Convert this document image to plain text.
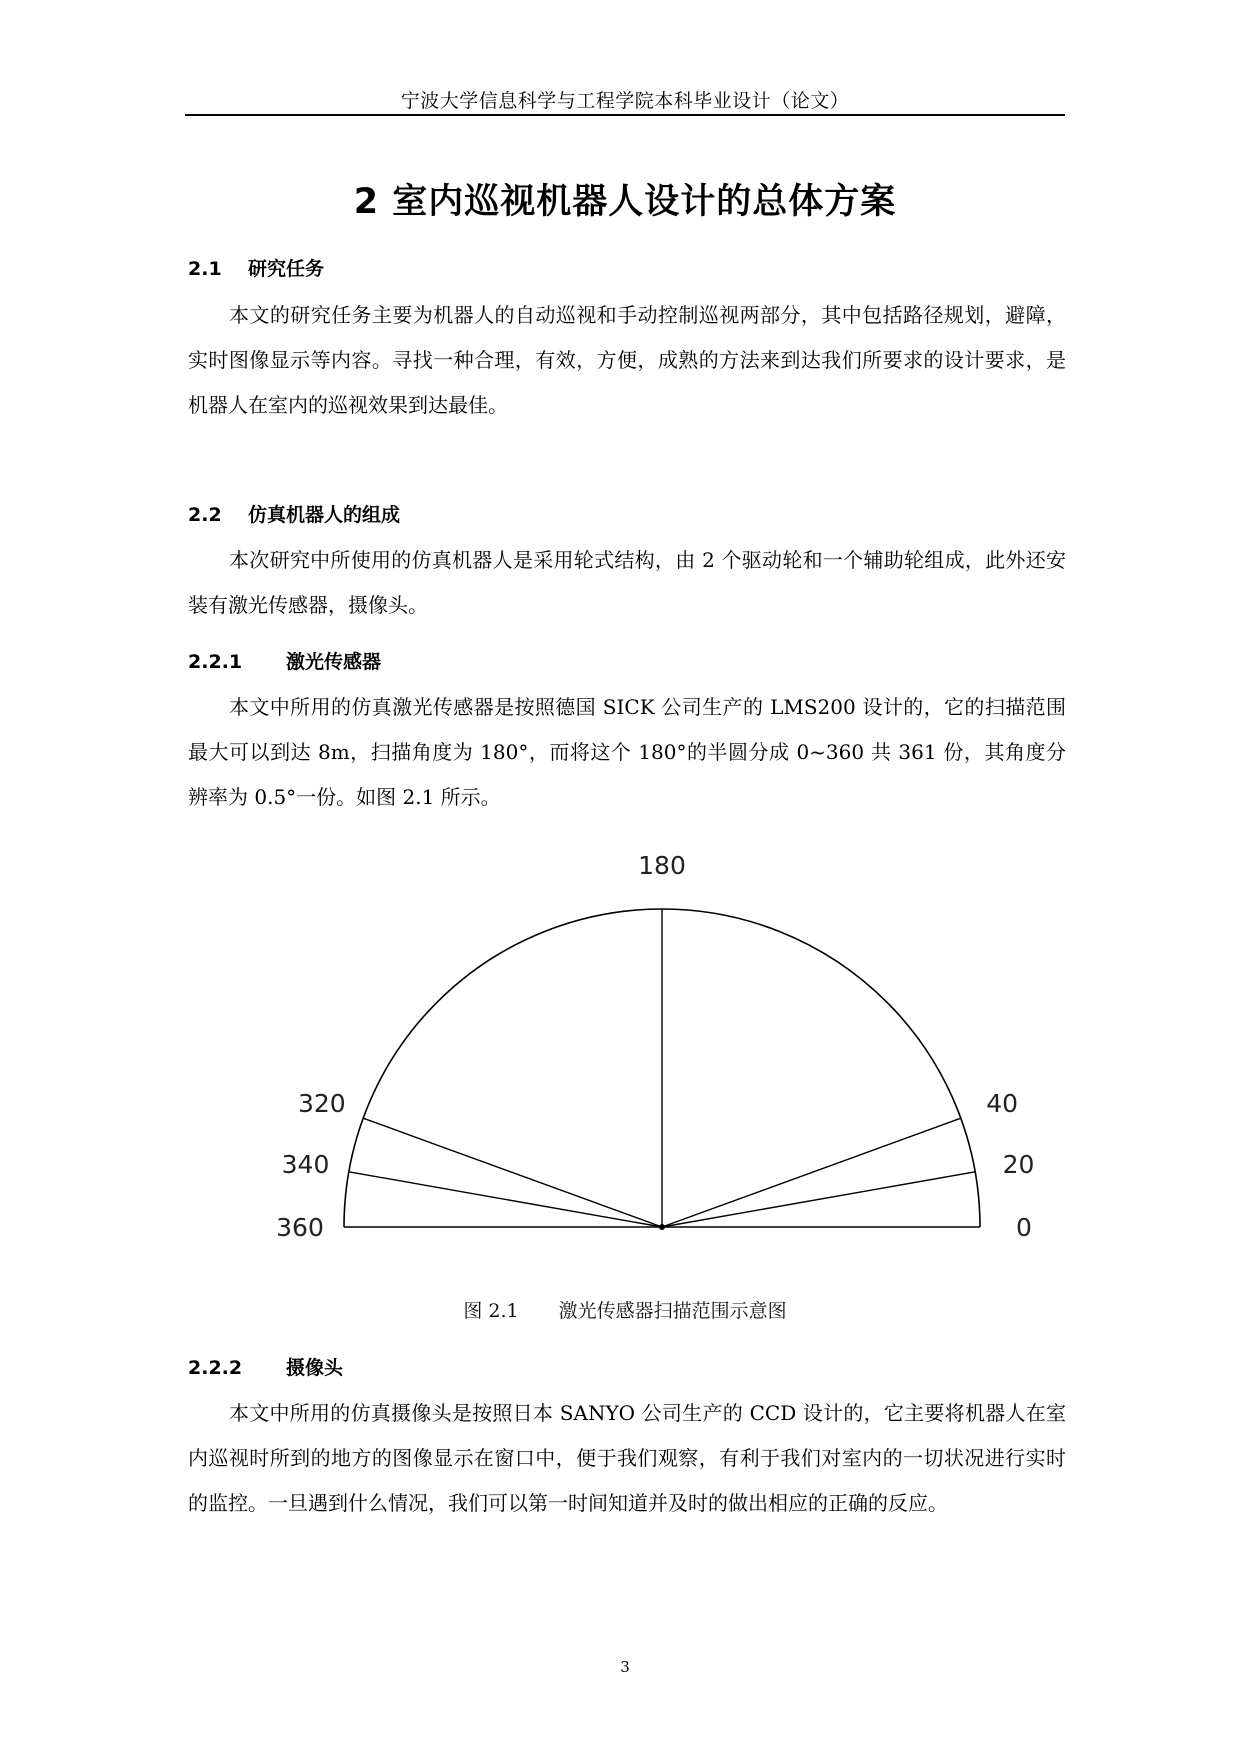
宁波大学信息科学与工程学院本科毕业设计（论文）
2 室内巡视机器人设计的总体方案
2.1 研究任务
本文的研究任务主要为机器人的自动巡视和手动控制巡视两部分，其中包括路径规划，避障，实时图像显示等内容。寻找一种合理，有效，方便，成熟的方法来到达我们所要求的设计要求，是机器人在室内的巡视效果到达最佳。
2.2 仿真机器人的组成
本次研究中所使用的仿真机器人是采用轮式结构，由 2 个驱动轮和一个辅助轮组成，此外还安装有激光传感器，摄像头。
2.2.1 激光传感器
本文中所用的仿真激光传感器是按照德国 SICK 公司生产的 LMS200 设计的，它的扫描范围最大可以到达 8m，扫描角度为 180°，而将这个 180°的半圆分成 0~360 共 361 份，其角度分辨率为 0.5°一份。如图 2.1 所示。
0
20
40
180
320
340
360
图 2.1 激光传感器扫描范围示意图
2.2.2 摄像头
本文中所用的仿真摄像头是按照日本 SANYO 公司生产的 CCD 设计的，它主要将机器人在室内巡视时所到的地方的图像显示在窗口中，便于我们观察，有利于我们对室内的一切状况进行实时的监控。一旦遇到什么情况，我们可以第一时间知道并及时的做出相应的正确的反应。
3
